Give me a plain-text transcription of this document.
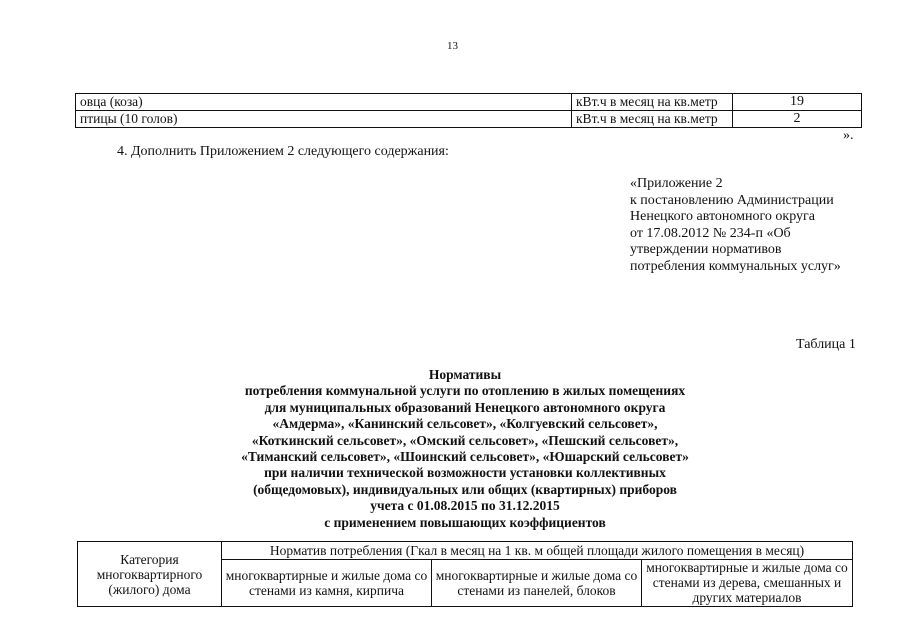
13
овца (коза)	кВт.ч в месяц на кв.метр	19
птицы (10 голов)	кВт.ч в месяц на кв.метр	2
».
4. Дополнить Приложением 2 следующего содержания:
«Приложение 2
к постановлению Администрации
Ненецкого автономного округа
от 17.08.2012 № 234-п «Об
утверждении нормативов
потребления коммунальных услуг»
Таблица 1
Нормативы
потребления коммунальной услуги по отоплению в жилых помещениях
для муниципальных образований Ненецкого автономного округа
«Амдерма», «Канинский сельсовет», «Колгуевский сельсовет»,
«Коткинский сельсовет», «Омский сельсовет», «Пешский сельсовет»,
«Тиманский сельсовет», «Шоинский сельсовет», «Юшарский сельсовет»
при наличии технической возможности установки коллективных
(общедомовых), индивидуальных или общих (квартирных) приборов
учета с 01.08.2015 по 31.12.2015
с применением повышающих коэффициентов
Категория многоквартирного (жилого) дома	Норматив потребления (Гкал в месяц на 1 кв. м общей площади жилого помещения в месяц)		
	многоквартирные и жилые дома со стенами из камня, кирпича	многоквартирные и жилые дома со стенами из панелей, блоков	многоквартирные и жилые дома со стенами из дерева, смешанных и других материалов
